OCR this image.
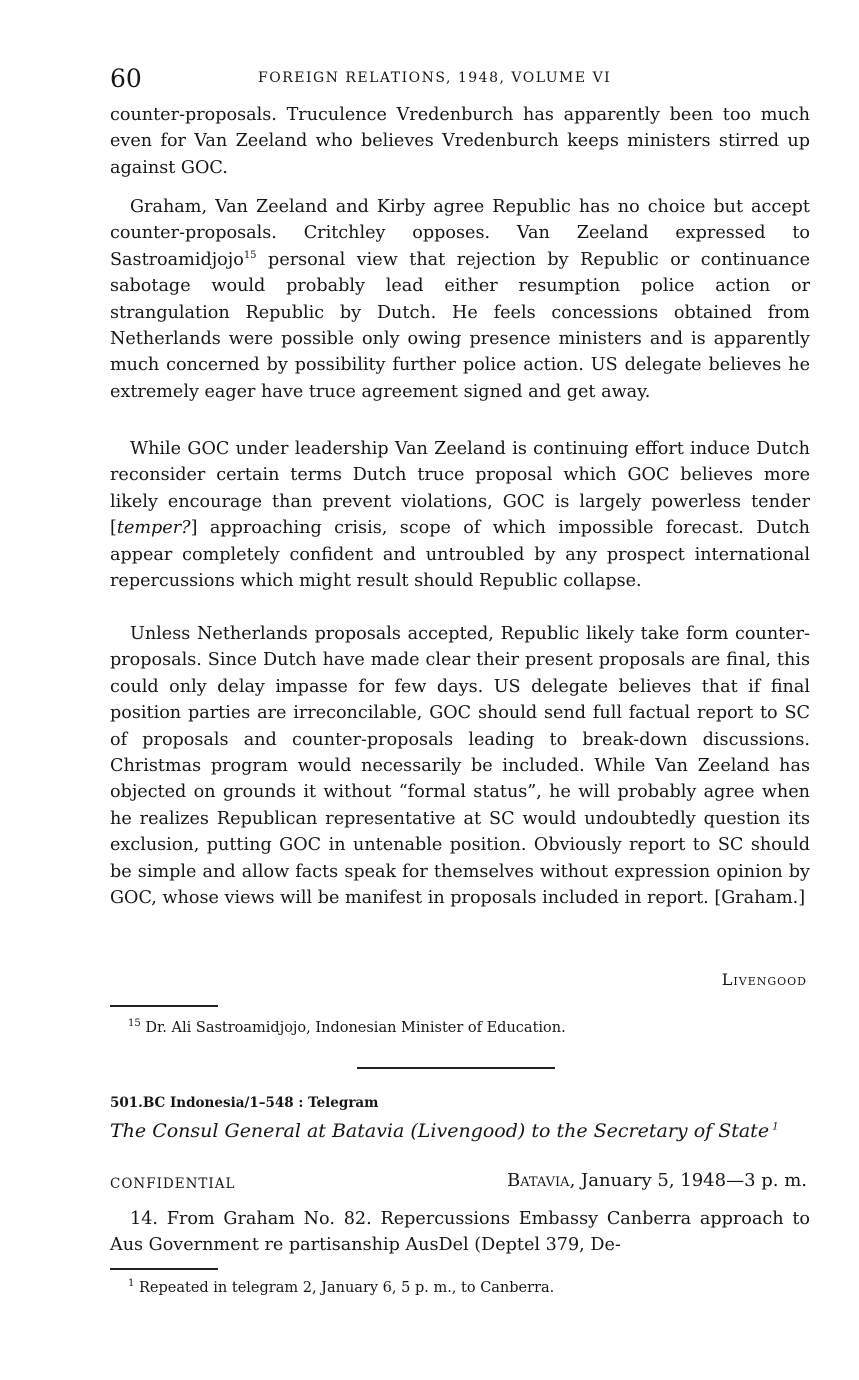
60	FOREIGN RELATIONS, 1948, VOLUME VI

counter-proposals. Truculence Vredenburch has apparently been too much even for Van Zeeland who believes Vredenburch keeps ministers stirred up against GOC.

Graham, Van Zeeland and Kirby agree Republic has no choice but accept counter-proposals. Critchley opposes. Van Zeeland expressed to Sastroamidjojo$^{15}$ personal view that rejection by Republic or continuance sabotage would probably lead either resumption police action or strangulation Republic by Dutch. He feels concessions obtained from Netherlands were possible only owing presence ministers and is apparently much concerned by possibility further police action. US delegate believes he extremely eager have truce agreement signed and get away.

While GOC under leadership Van Zeeland is continuing effort induce Dutch reconsider certain terms Dutch truce proposal which GOC believes more likely encourage than prevent violations, GOC is largely powerless tender [temper?] approaching crisis, scope of which impossible forecast. Dutch appear completely confident and untroubled by any prospect international repercussions which might result should Republic collapse.

Unless Netherlands proposals accepted, Republic likely take form counter-proposals. Since Dutch have made clear their present proposals are final, this could only delay impasse for few days. US delegate believes that if final position parties are irreconcilable, GOC should send full factual report to SC of proposals and counter-proposals leading to break-down discussions. Christmas program would necessarily be included. While Van Zeeland has objected on grounds it without “formal status”, he will probably agree when he realizes Republican representative at SC would undoubtedly question its exclusion, putting GOC in untenable position. Obviously report to SC should be simple and allow facts speak for themselves without expression opinion by GOC, whose views will be manifest in proposals included in report. [Graham.]

Livengood
$^{15}$ Dr. Ali Sastroamidjojo, Indonesian Minister of Education.
501.BC Indonesia/1–548 : Telegram
The Consul General at Batavia (Livengood) to the Secretary of State $^1$
CONFIDENTIAL	Batavia, January 5, 1948—3 p. m.

14. From Graham No. 82. Repercussions Embassy Canberra approach to Aus Government re partisanship AusDel (Deptel 379, De-

$^1$ Repeated in telegram 2, January 6, 5 p. m., to Canberra.
